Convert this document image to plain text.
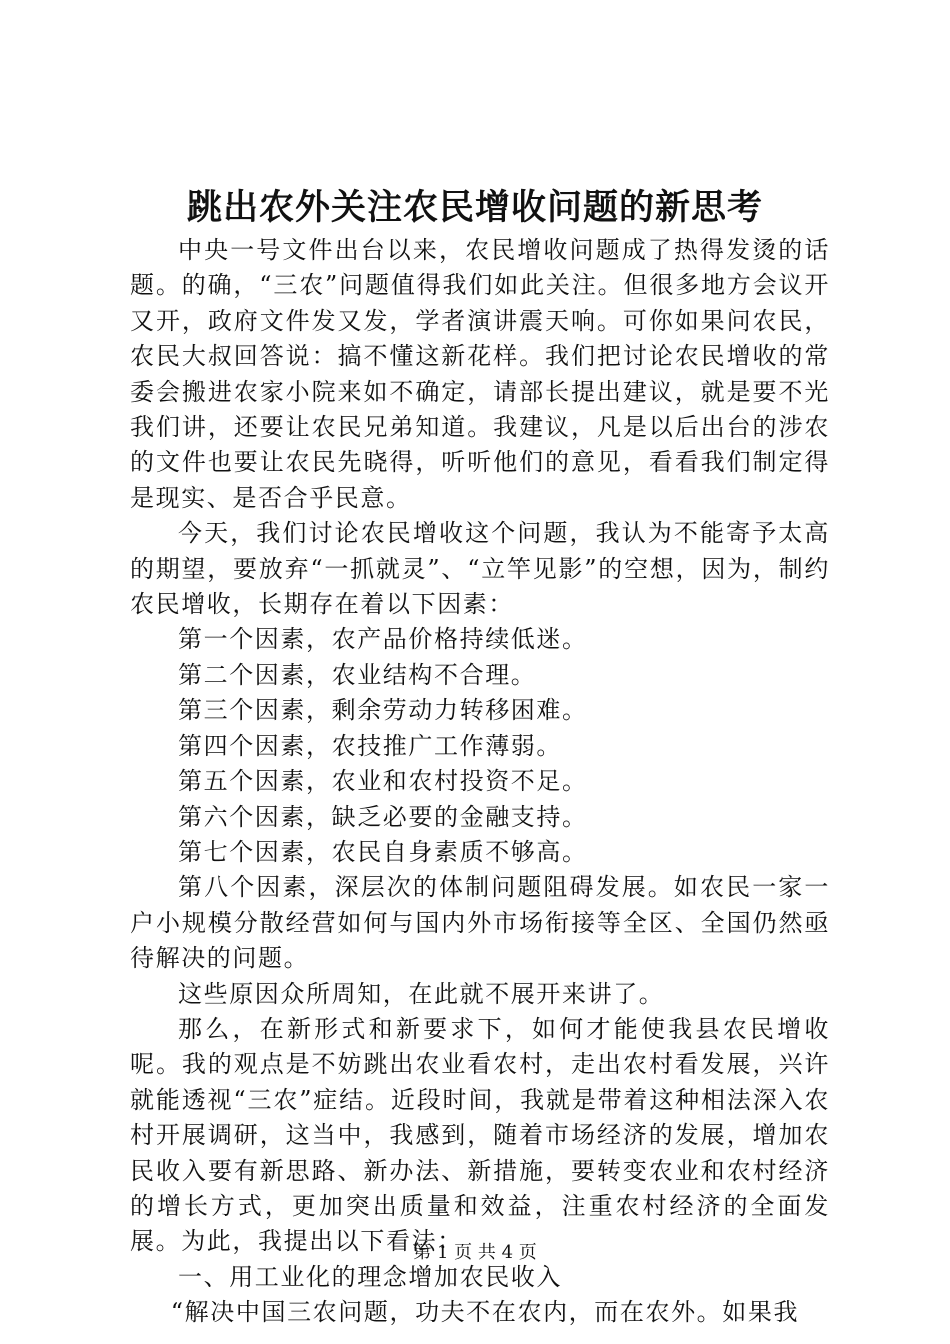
跳出农外关注农民增收问题的新思考

中央一号文件出台以来，农民增收问题成了热得发烫的话题。的确，“三农”问题值得我们如此关注。但很多地方会议开又开，政府文件发又发，学者演讲震天响。可你如果问农民，农民大叔回答说：搞不懂这新花样。我们把讨论农民增收的常委会搬进农家小院来如不确定，请部长提出建议，就是要不光我们讲，还要让农民兄弟知道。我建议，凡是以后出台的涉农的文件也要让农民先晓得，听听他们的意见，看看我们制定得是现实、是否合乎民意。

今天，我们讨论农民增收这个问题，我认为不能寄予太高的期望，要放弃“一抓就灵”、“立竿见影”的空想，因为，制约农民增收，长期存在着以下因素：

第一个因素，农产品价格持续低迷。

第二个因素，农业结构不合理。

第三个因素，剩余劳动力转移困难。

第四个因素，农技推广工作薄弱。

第五个因素，农业和农村投资不足。

第六个因素，缺乏必要的金融支持。

第七个因素，农民自身素质不够高。

第八个因素，深层次的体制问题阻碍发展。如农民一家一户小规模分散经营如何与国内外市场衔接等全区、全国仍然亟待解决的问题。

这些原因众所周知，在此就不展开来讲了。

那么，在新形式和新要求下，如何才能使我县农民增收呢。我的观点是不妨跳出农业看农村，走出农村看发展，兴许就能透视“三农”症结。近段时间，我就是带着这种相法深入农村开展调研，这当中，我感到，随着市场经济的发展，增加农民收入要有新思路、新办法、新措施，要转变农业和农村经济的增长方式，更加突出质量和效益，注重农村经济的全面发展。为此，我提出以下看法：

一、用工业化的理念增加农民收入

“解决中国三农问题，功夫不在农内，而在农外。如果我

第 1 页 共 4 页
